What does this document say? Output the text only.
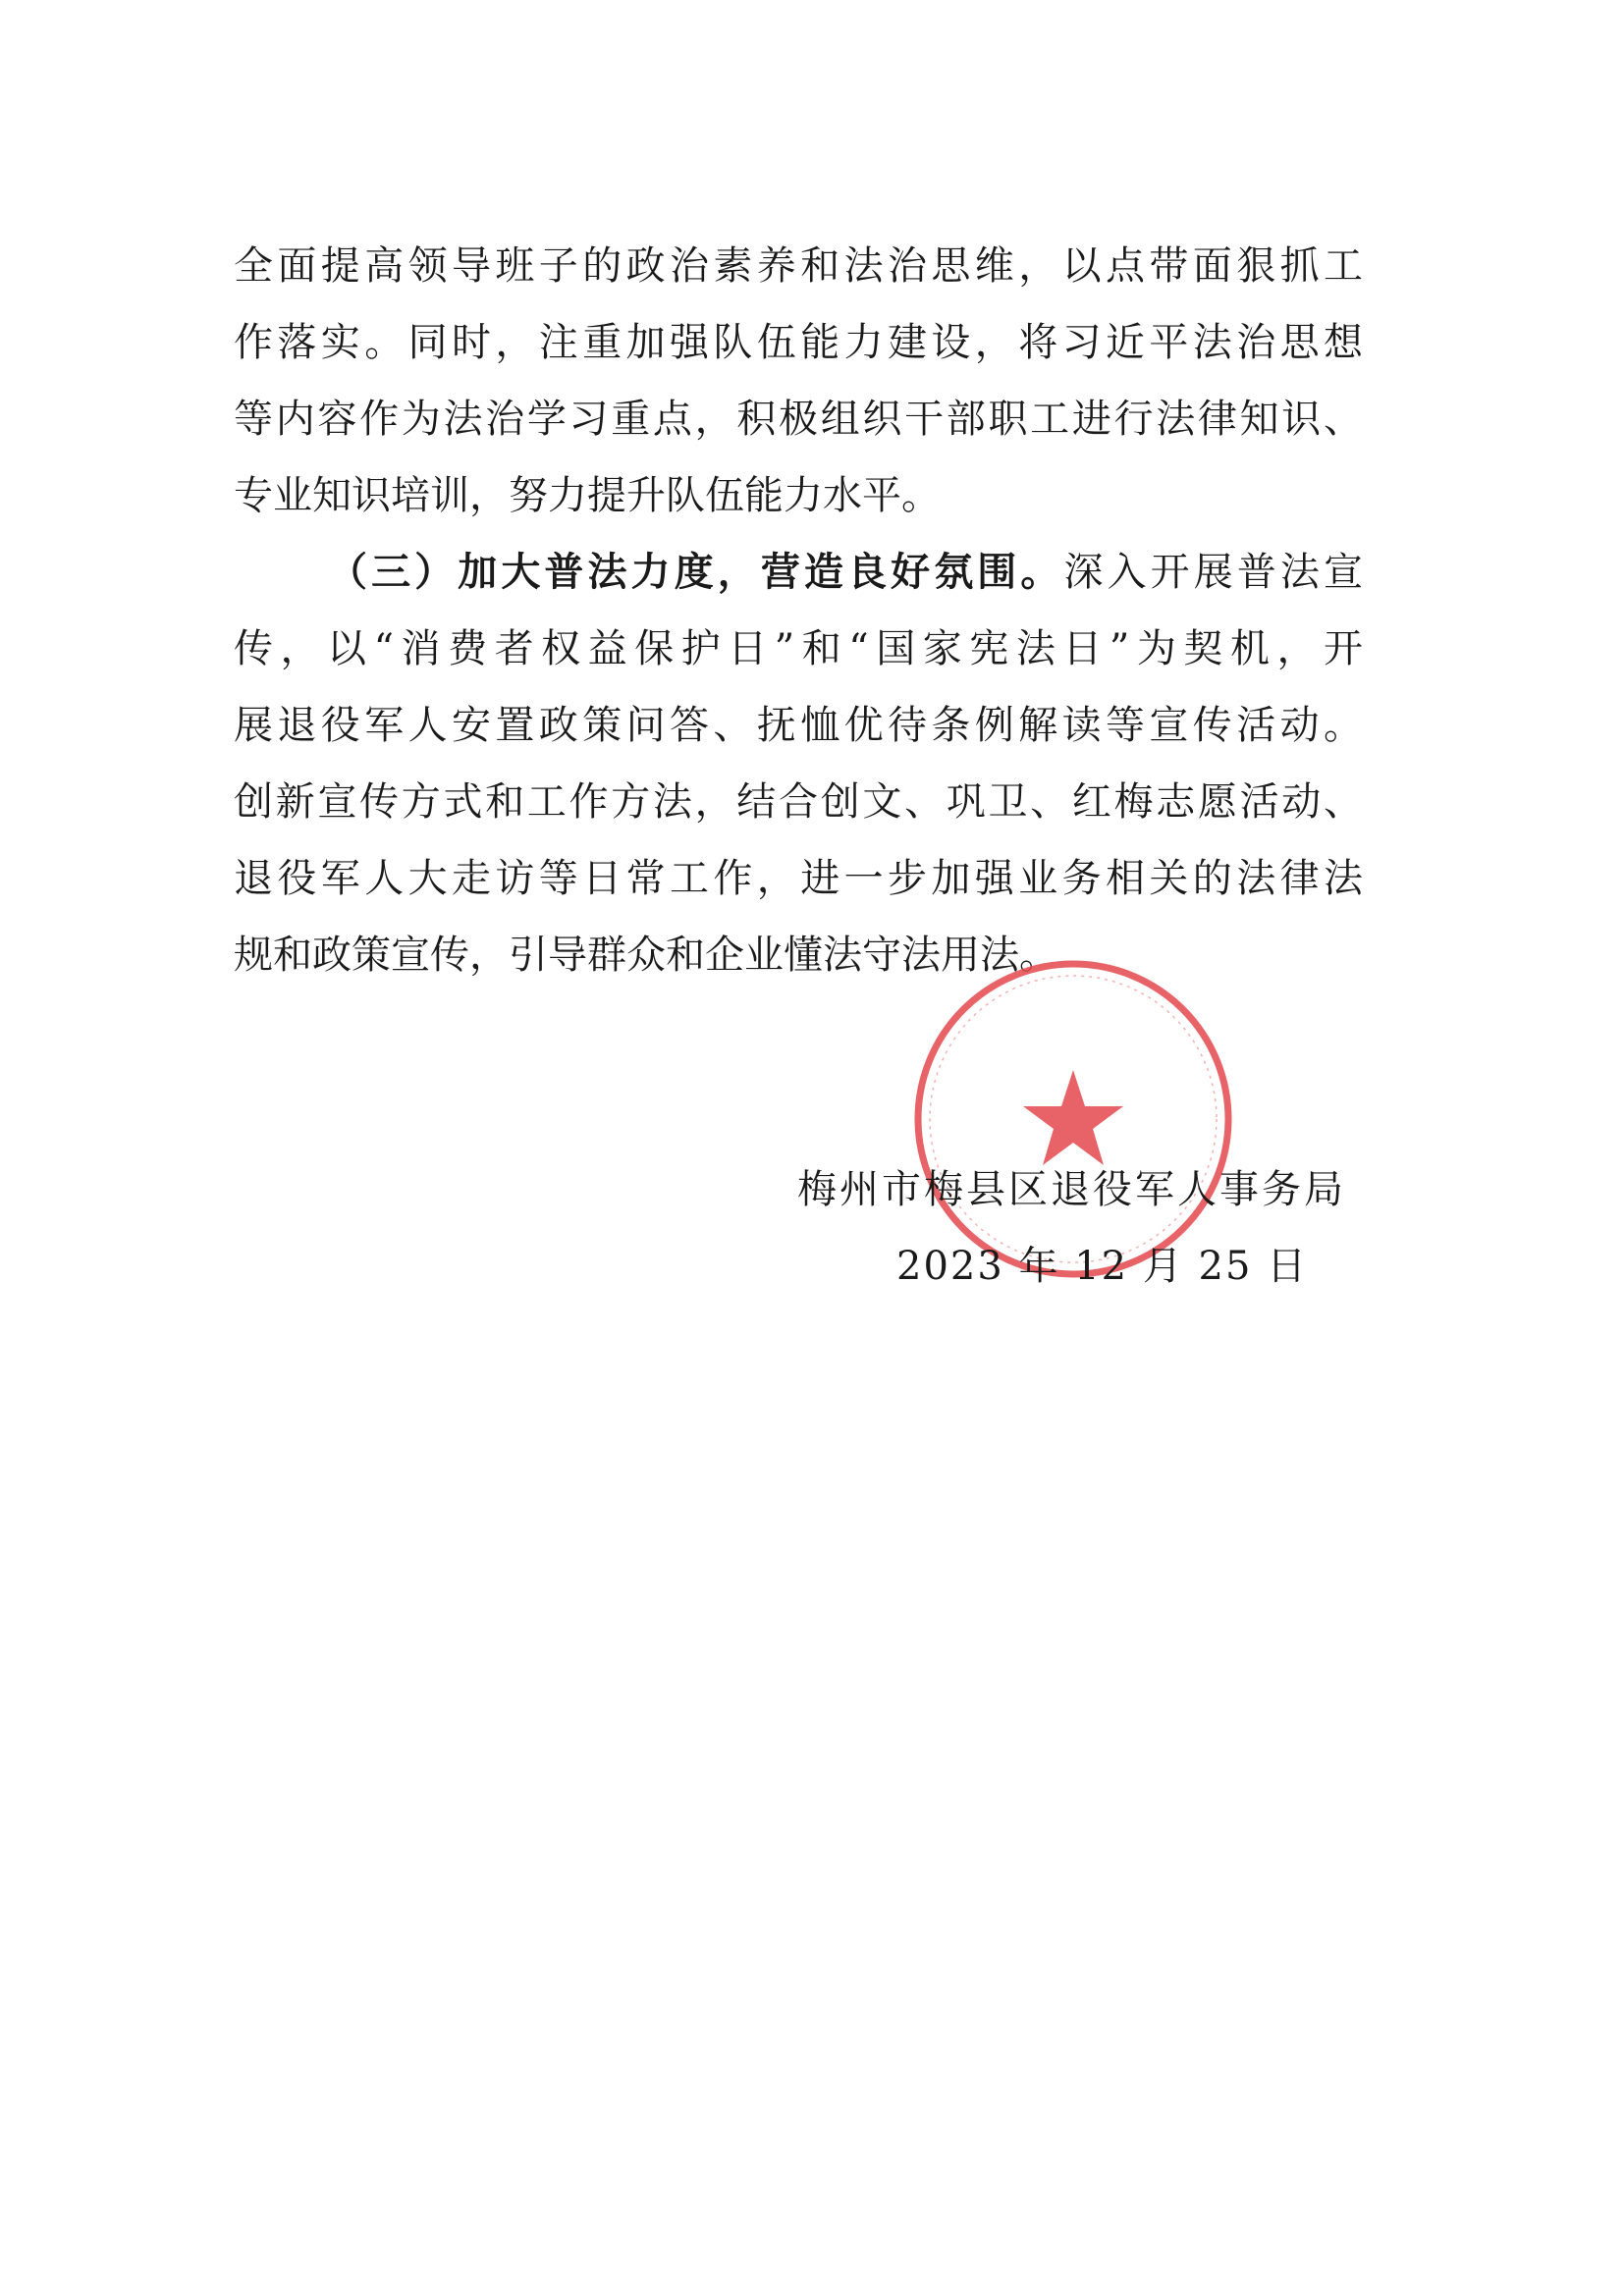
全面提高领导班子的政治素养和法治思维，以点带面狠抓工
作落实。同时，注重加强队伍能力建设，将习近平法治思想
等内容作为法治学习重点，积极组织干部职工进行法律知识、
专业知识培训，努力提升队伍能力水平。
（三）加大普法力度，营造良好氛围。深入开展普法宣
传，以“消费者权益保护日”和“国家宪法日”为契机，开
展退役军人安置政策问答、抚恤优待条例解读等宣传活动。
创新宣传方式和工作方法，结合创文、巩卫、红梅志愿活动、
退役军人大走访等日常工作，进一步加强业务相关的法律法
规和政策宣传，引导群众和企业懂法守法用法。
梅州市梅县区退役军人事务局
2023 年 12 月 25 日
